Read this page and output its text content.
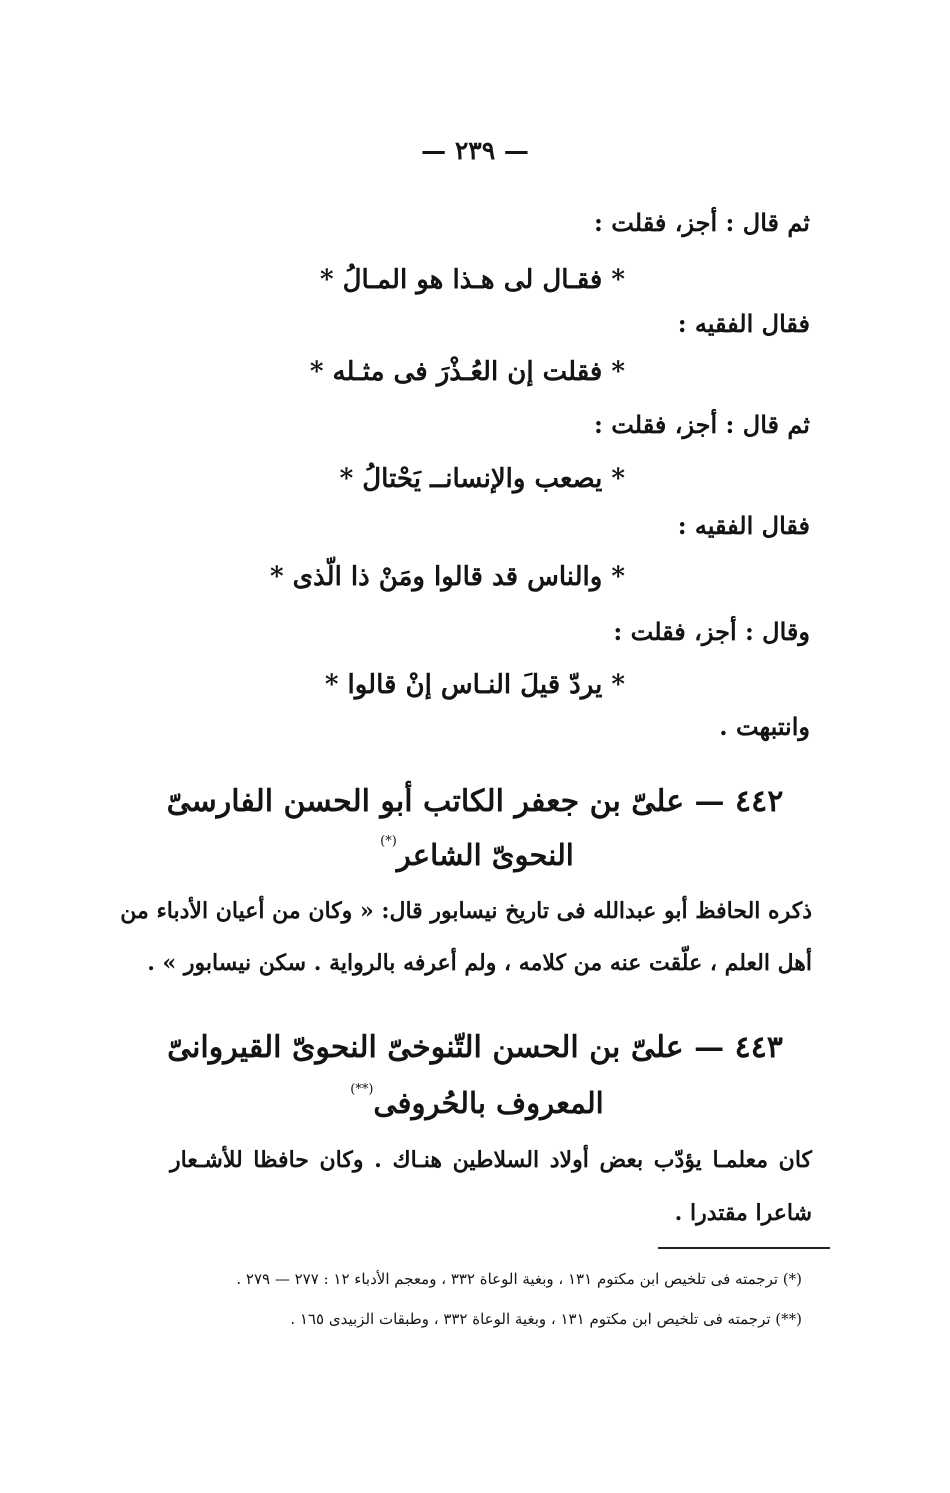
— ٢٣٩ —
ثم قال : أجز، فقلت :
* فقـال لى هـذا هو المـالُ *
فقال الفقيه :
* فقلت إن العُـذْرَ فى مثـله *
ثم قال : أجز، فقلت :
* يصعب والإنسانــ يَحْتالُ *
فقال الفقيه :
* والناس قد قالوا ومَنْ ذا الّذى *
وقال : أجز، فقلت :
* يردّ قيلَ النـاس إنْ قالوا *
وانتبهت .
٤٤٢ — علىّ بن جعفر الكاتب أبو الحسن الفارسىّ
النحوىّ الشاعر(*)
ذكره الحافظ أبو عبدالله فى تاريخ نيسابور قال: « وكان من أعيان الأدباء من
أهل العلم ، علّقت عنه من كلامه ، ولم أعرفه بالرواية . سكن نيسابور » .
٤٤٣ — علىّ بن الحسن التّنوخىّ النحوىّ القيروانىّ
المعروف بالحُروفى(**)
كان معلمـا يؤدّب بعض أولاد السلاطين هنـاك . وكان حافظا للأشـعار
شاعرا مقتدرا .
(*) ترجمته فى تلخيص ابن مكتوم ١٣١ ، وبغية الوعاة ٣٣٢ ، ومعجم الأدباء ١٢ : ٢٧٧ — ٢٧٩ .
(**) ترجمته فى تلخيص ابن مكتوم ١٣١ ، وبغية الوعاة ٣٣٢ ، وطبقات الزبيدى ١٦٥ .
